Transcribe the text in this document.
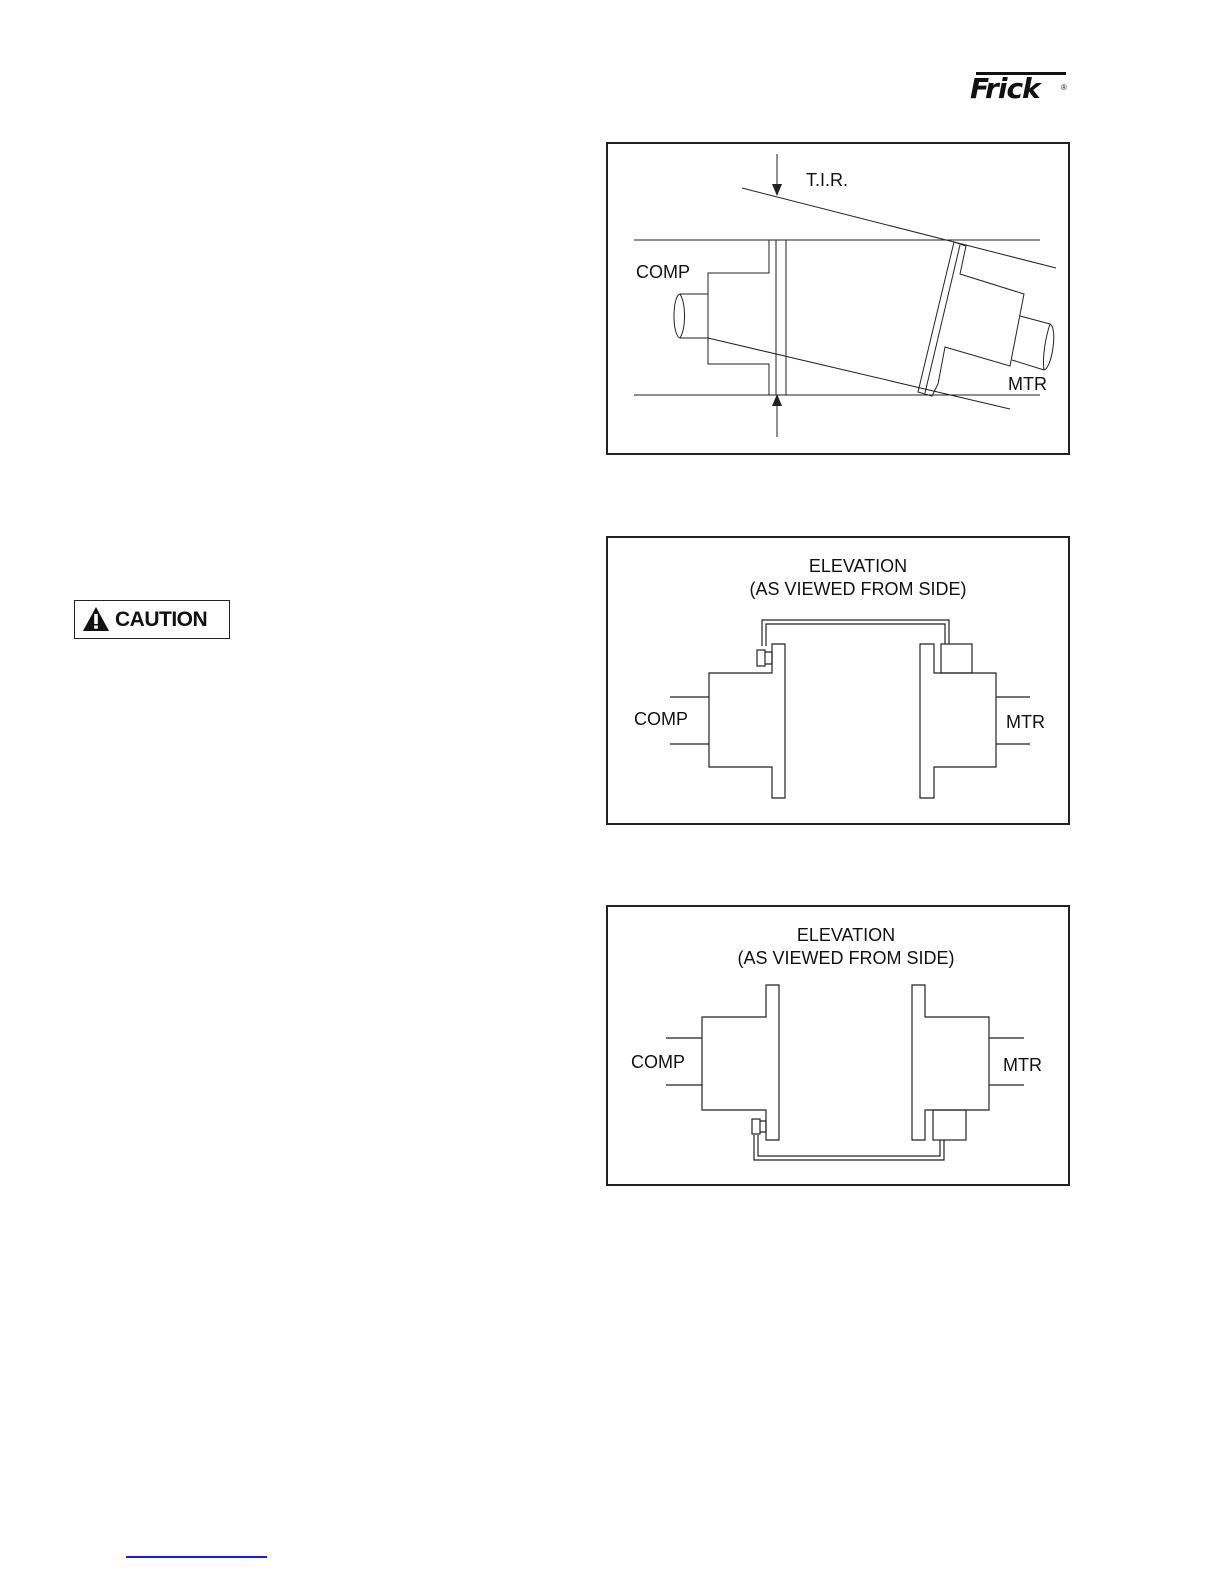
Frick	®
T.I.R.
COMP
MTR
ELEVATION
(AS VIEWED FROM SIDE)
COMP	MTR
ELEVATION
(AS VIEWED FROM SIDE)
COMP	MTR
CAUTION
